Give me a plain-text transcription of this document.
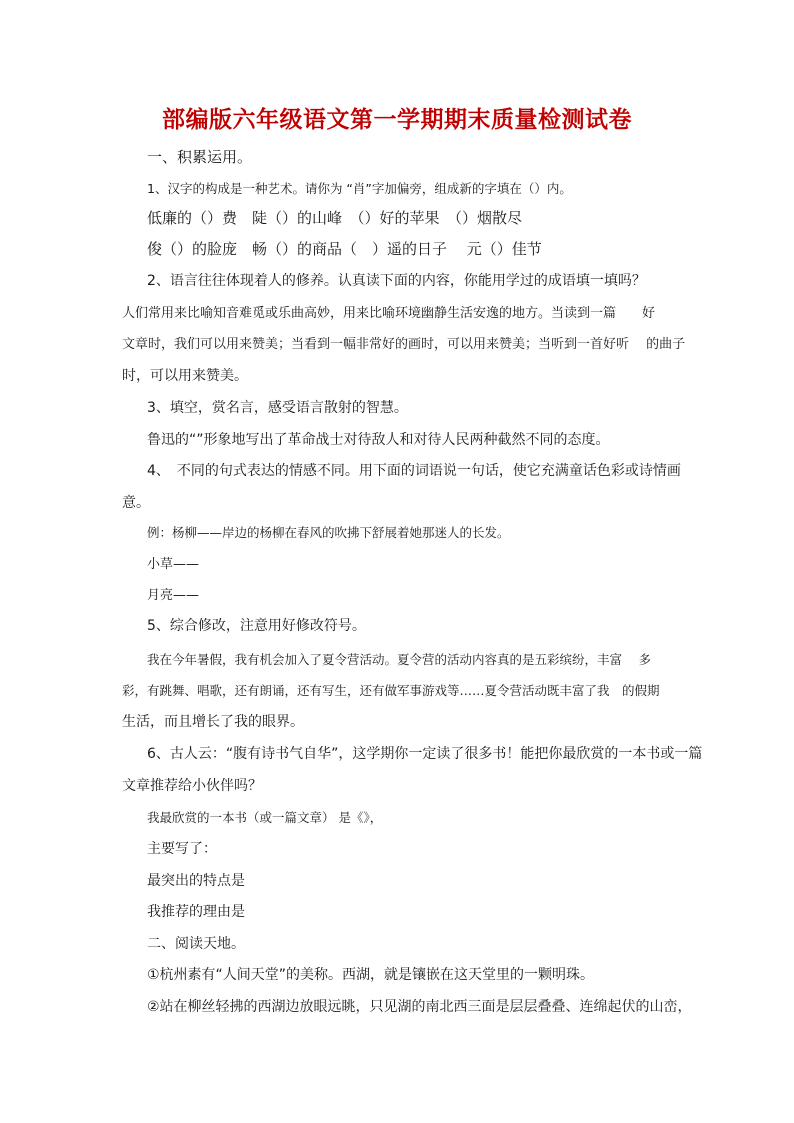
部编版六年级语文第一学期期末质量检测试卷
一、积累运用。
1、汉字的构成是一种艺术。请你为 “肖”字加偏旁，组成新的字填在（）内。
低廉的（）费　陡（）的山峰　（）好的苹果　（）烟散尽
俊（）的脸庞　畅（）的商品（　）遥的日子　 元（）佳节
2、语言往往体现着人的修养。认真读下面的内容，你能用学过的成语填一填吗？
人们常用来比喻知音难觅或乐曲高妙，用来比喻环境幽静生活安逸的地方。当读到一篇　　好
文章时，我们可以用来赞美；当看到一幅非常好的画时，可以用来赞美；当听到一首好听　 的曲子
时，可以用来赞美。
3、填空，赏名言，感受语言散射的智慧。
鲁迅的“”形象地写出了革命战士对待敌人和对待人民两种截然不同的态度。
4、　不同的句式表达的情感不同。用下面的词语说一句话，使它充满童话色彩或诗情画
意。
例：杨柳——岸边的杨柳在春风的吹拂下舒展着她那迷人的长发。
小草——
月亮——
5、综合修改，注意用好修改符号。
我在今年暑假，我有机会加入了夏令营活动。夏令营的活动内容真的是五彩缤纷，丰富　 多
彩，有跳舞、唱歌，还有朗诵，还有写生，还有做军事游戏等……夏令营活动既丰富了我　的假期
生活，而且增长了我的眼界。
6、古人云：“腹有诗书气自华”，这学期你一定读了很多书！能把你最欣赏的一本书或一篇
文章推荐给小伙伴吗？
我最欣赏的一本书（或一篇文章） 是《》，
主要写了：
最突出的特点是
我推荐的理由是
二、阅读天地。
①杭州素有“人间天堂”的美称。西湖，就是镶嵌在这天堂里的一颗明珠。
②站在柳丝轻拂的西湖边放眼远眺，只见湖的南北西三面是层层叠叠、连绵起伏的山峦，
